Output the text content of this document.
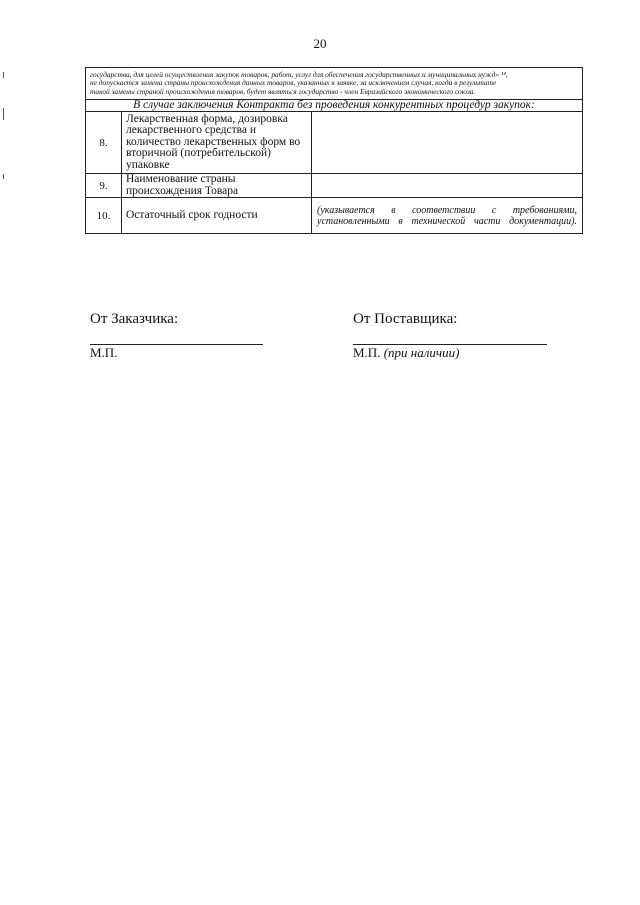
20
государства, для целей осуществления закупок товаров, работ, услуг для обеспечения государственных и муниципальных нужд» ¹⁴,
не допускается замена страны происхождения данных товаров, указанных в заявке, за исключением случая, когда в результате
такой замены страной происхождения товаров, будет являться государство - член Евразийского экономического союза.		

В случае заключения Контракта без проведения конкурентных процедур закупок:		
8.	Лекарственная форма, дозировка лекарственного средства и количество лекарственных форм во вторичной (потребительской) упаковке	
9.	Наименование страны происхождения Товара	
10.	Остаточный срок годности	(указывается в соответствии с требованиями, установленными в технической части документации).
От Заказчика:	От Поставщика:
М.П.	М.П. (при наличии)
